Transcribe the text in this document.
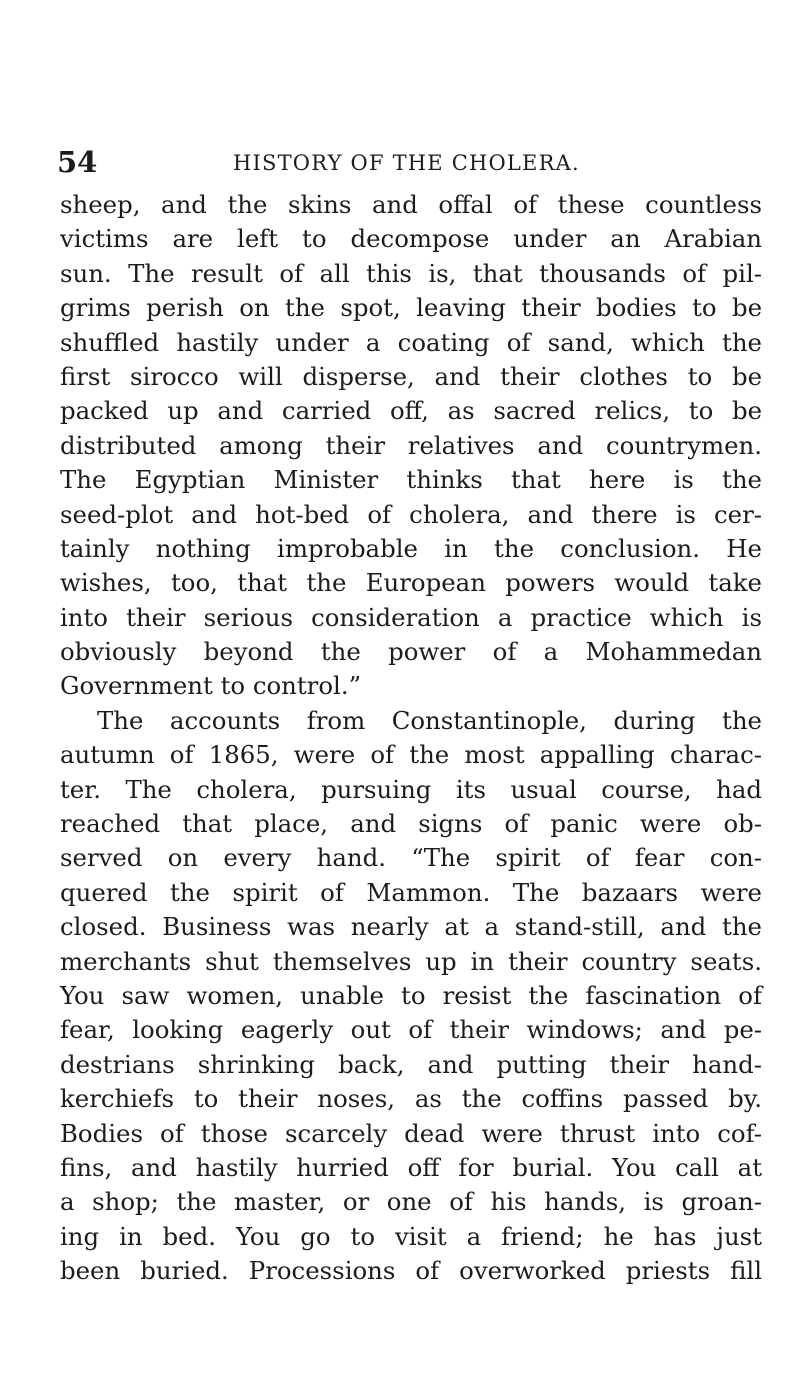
54	HISTORY OF THE CHOLERA.
sheep, and the skins and offal of these countless
victims are left to decompose under an Arabian
sun. The result of all this is, that thousands of pil-
grims perish on the spot, leaving their bodies to be
shuffled hastily under a coating of sand, which the
first sirocco will disperse, and their clothes to be
packed up and carried off, as sacred relics, to be
distributed among their relatives and countrymen.
The Egyptian Minister thinks that here is the
seed-plot and hot-bed of cholera, and there is cer-
tainly nothing improbable in the conclusion. He
wishes, too, that the European powers would take
into their serious consideration a practice which is
obviously beyond the power of a Mohammedan
Government to control.”
The accounts from Constantinople, during the
autumn of 1865, were of the most appalling charac-
ter. The cholera, pursuing its usual course, had
reached that place, and signs of panic were ob-
served on every hand. “The spirit of fear con-
quered the spirit of Mammon. The bazaars were
closed. Business was nearly at a stand-still, and the
merchants shut themselves up in their country seats.
You saw women, unable to resist the fascination of
fear, looking eagerly out of their windows; and pe-
destrians shrinking back, and putting their hand-
kerchiefs to their noses, as the coffins passed by.
Bodies of those scarcely dead were thrust into cof-
fins, and hastily hurried off for burial. You call at
a shop; the master, or one of his hands, is groan-
ing in bed. You go to visit a friend; he has just
been buried. Processions of overworked priests fill
